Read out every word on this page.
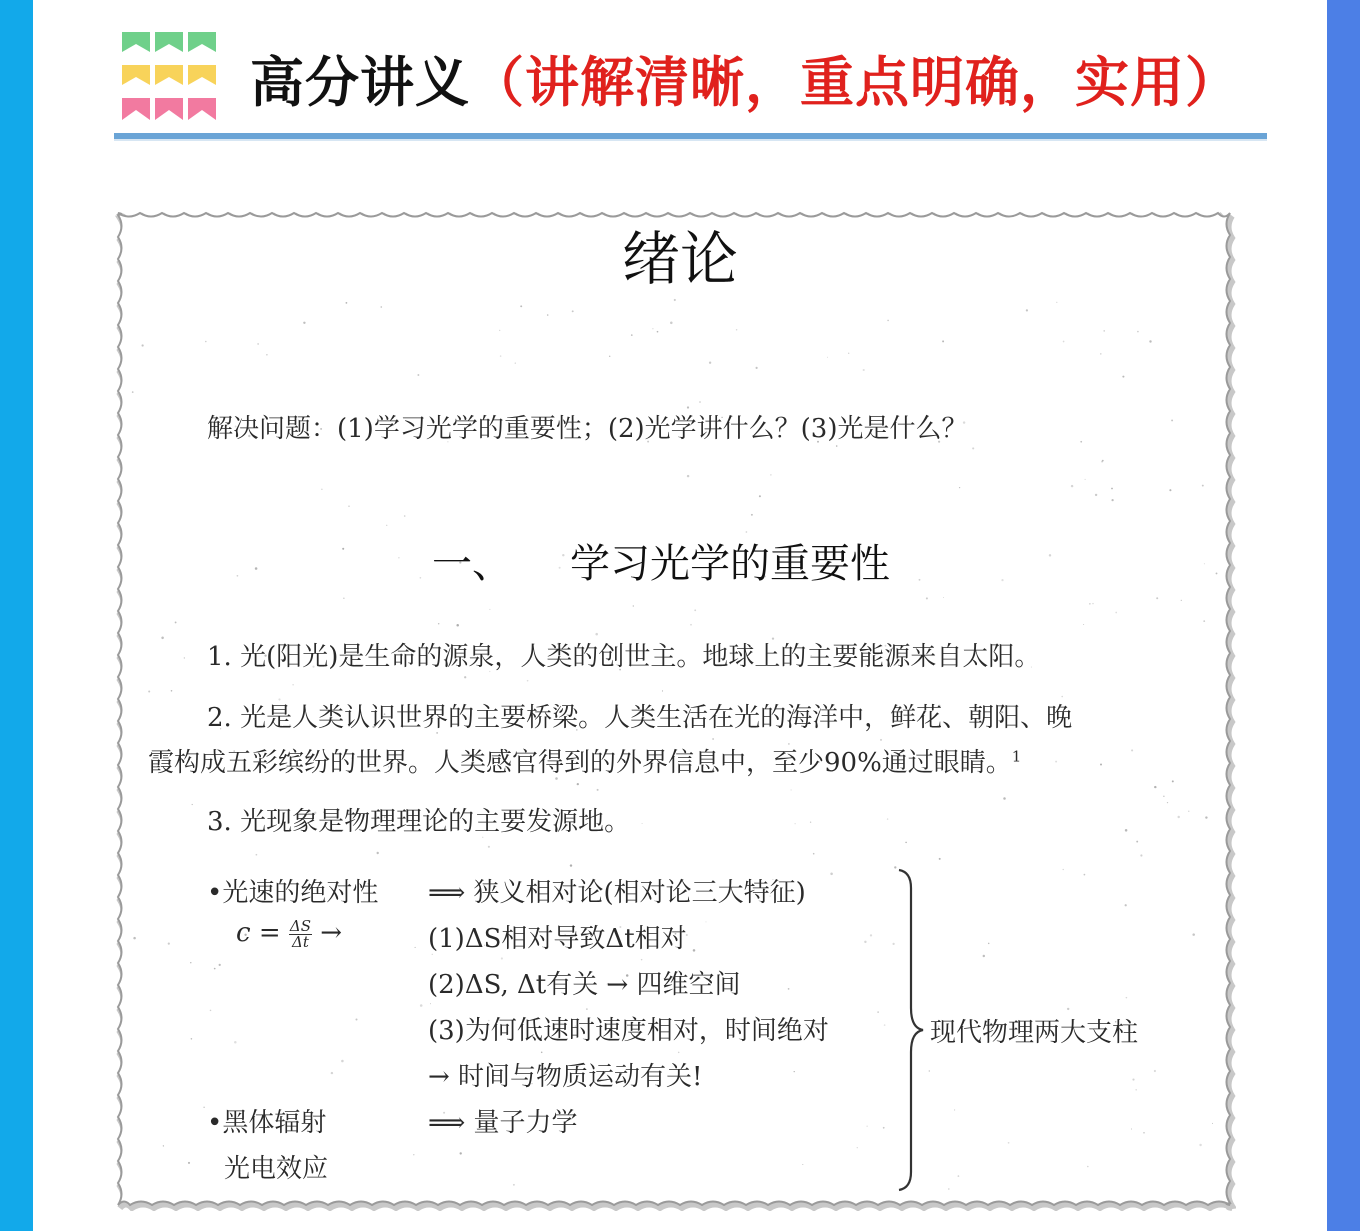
高分讲义（讲解清晰，重点明确，实用）
绪论
解决问题：(1)学习光学的重要性；(2)光学讲什么？(3)光是什么？
一、 学习光学的重要性
1. 光(阳光)是生命的源泉，人类的创世主。地球上的主要能源来自太阳。
2. 光是人类认识世界的主要桥梁。人类生活在光的海洋中，鲜花、朝阳、晚
霞构成五彩缤纷的世界。人类感官得到的外界信息中，至少90%通过眼睛。$^1$
3. 光现象是物理理论的主要发源地。
•光速的绝对性
$c = \frac{\Delta S}{\Delta t}$ →
⟹ 狭义相对论(相对论三大特征)
(1)ΔS相对导致Δt相对
(2)ΔS, Δt有关 → 四维空间
(3)为何低速时速度相对，时间绝对
→ 时间与物质运动有关!
•黑体辐射	⟹ 量子力学
光电效应
现代物理两大支柱
